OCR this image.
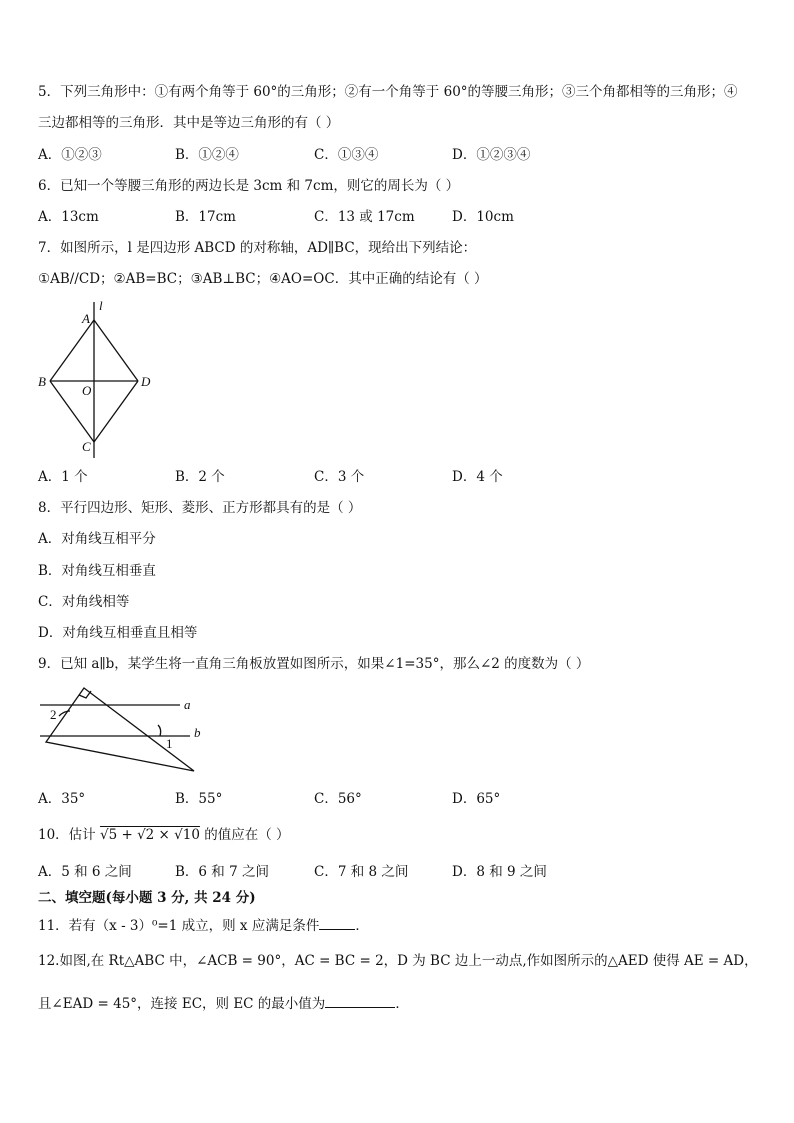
5．下列三角形中：①有两个角等于 60°的三角形；②有一个角等于 60°的等腰三角形；③三个角都相等的三角形；④
三边都相等的三角形．其中是等边三角形的有（ ）
A．①②③	B．①②④	C．①③④	D．①②③④
6．已知一个等腰三角形的两边长是 3cm 和 7cm，则它的周长为（ ）
A．13cm	B．17cm	C．13 或 17cm	D．10cm
7．如图所示，l 是四边形 ABCD 的对称轴，AD∥BC，现给出下列结论：
①AB//CD；②AB=BC；③AB⊥BC；④AO=OC．其中正确的结论有（ ）
l
A
B	D
O
C
A．1 个	B．2 个	C．3 个	D．4 个
8．平行四边形、矩形、菱形、正方形都具有的是（ ）
A．对角线互相平分
B．对角线互相垂直
C．对角线相等
D．对角线互相垂直且相等
9．已知 a∥b，某学生将一直角三角板放置如图所示，如果∠1=35°，那么∠2 的度数为（ ）
a
b
2
1
A．35°	B．55°	C．56°	D．65°
10．估计 √5 + √2 × √10 的值应在（ ）
A．5 和 6 之间	B．6 和 7 之间	C．7 和 8 之间	D．8 和 9 之间
二、填空题(每小题 3 分, 共 24 分)
11．若有（x - 3）⁰=1 成立，则 x 应满足条件	．
12.如图,在 Rt△ABC 中，∠ACB = 90°，AC = BC = 2，D 为 BC 边上一动点,作如图所示的△AED 使得 AE = AD，
且∠EAD = 45°，连接 EC，则 EC 的最小值为	．
